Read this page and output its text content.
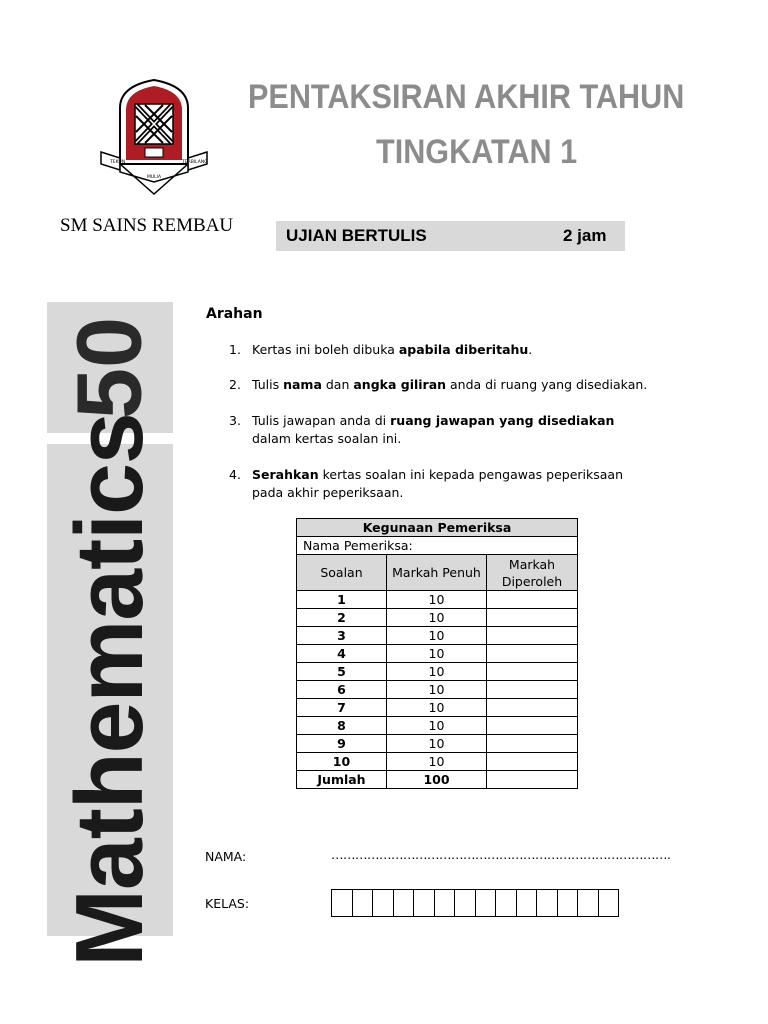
TEKUN
MULIA
TERBILANG
PENTAKSIRAN AKHIR TAHUN
TINGKATAN 1
SM SAINS REMBAU	UJIAN BERTULIS	2 jam
50
Mathematics
Arahan
1. Kertas ini boleh dibuka apabila diberitahu.
2. Tulis nama dan angka giliran anda di ruang yang disediakan.
3. Tulis jawapan anda di ruang jawapan yang disediakan dalam kertas soalan ini.
4. Serahkan kertas soalan ini kepada pengawas peperiksaan pada akhir peperiksaan.
Kegunaan Pemeriksa		
Nama Pemeriksa:		
Soalan	Markah Penuh	Markah Diperoleh
1	10	
2	10	
3	10	
4	10	
5	10	
6	10	
7	10	
8	10	
9	10	
10	10	
Jumlah	100	
NAMA:	………………………………………………………………………….
KELAS:
